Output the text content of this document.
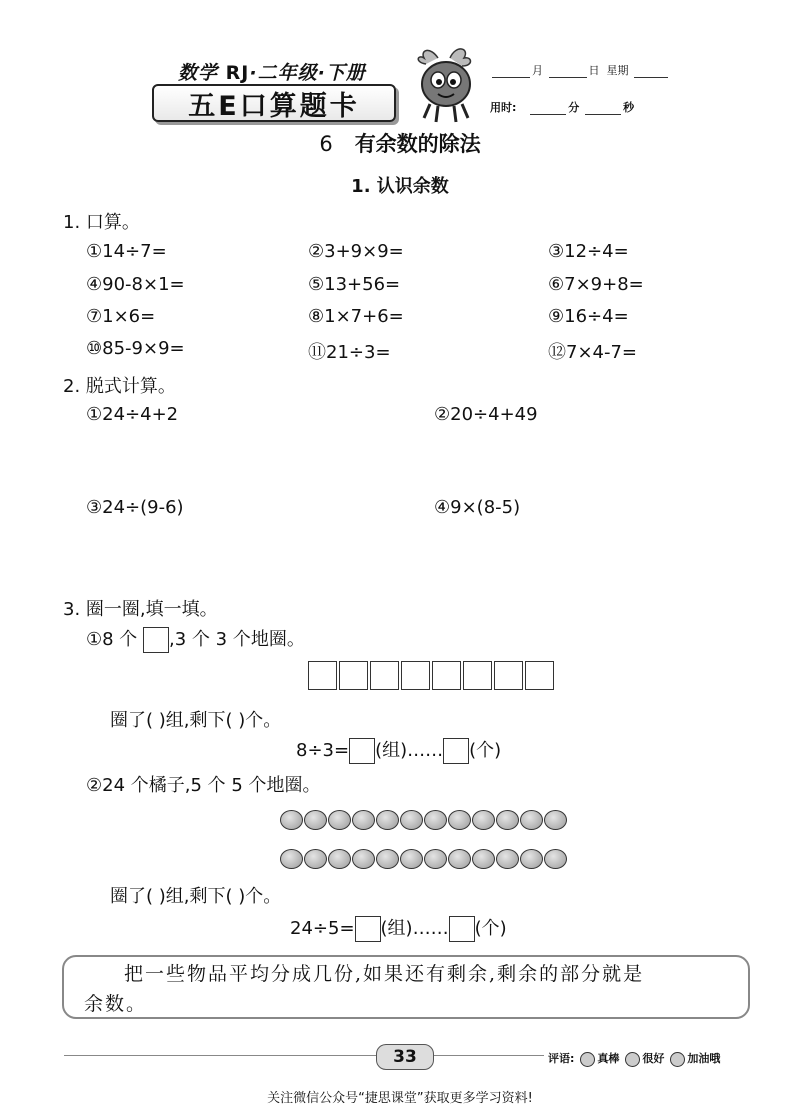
数学 RJ·二年级·下册
五E口算题卡
月	日 星期
用时:	分	秒
6 有余数的除法
1. 认识余数
1. 口算。
①14÷7=	②3+9×9=	③12÷4=
④90-8×1=	⑤13+56=	⑥7×9+8=
⑦1×6=	⑧1×7+6=	⑨16÷4=
⑩85-9×9=	⑪21÷3=	⑫7×4-7=
2. 脱式计算。
①24÷4+2	②20÷4+49
③24÷(9-6)	④9×(8-5)
3. 圈一圈,填一填。
①8 个 ,3 个 3 个地圈。
圈了( )组,剩下( )个。
8÷3= (组)…… (个)
②24 个橘子,5 个 5 个地圈。
圈了( )组,剩下( )个。
24÷5= (组)…… (个)
把一些物品平均分成几份,如果还有剩余,剩余的部分就是
余数。
33	评语:	真棒	很好	加油哦
关注微信公众号“捷思课堂”获取更多学习资料!
